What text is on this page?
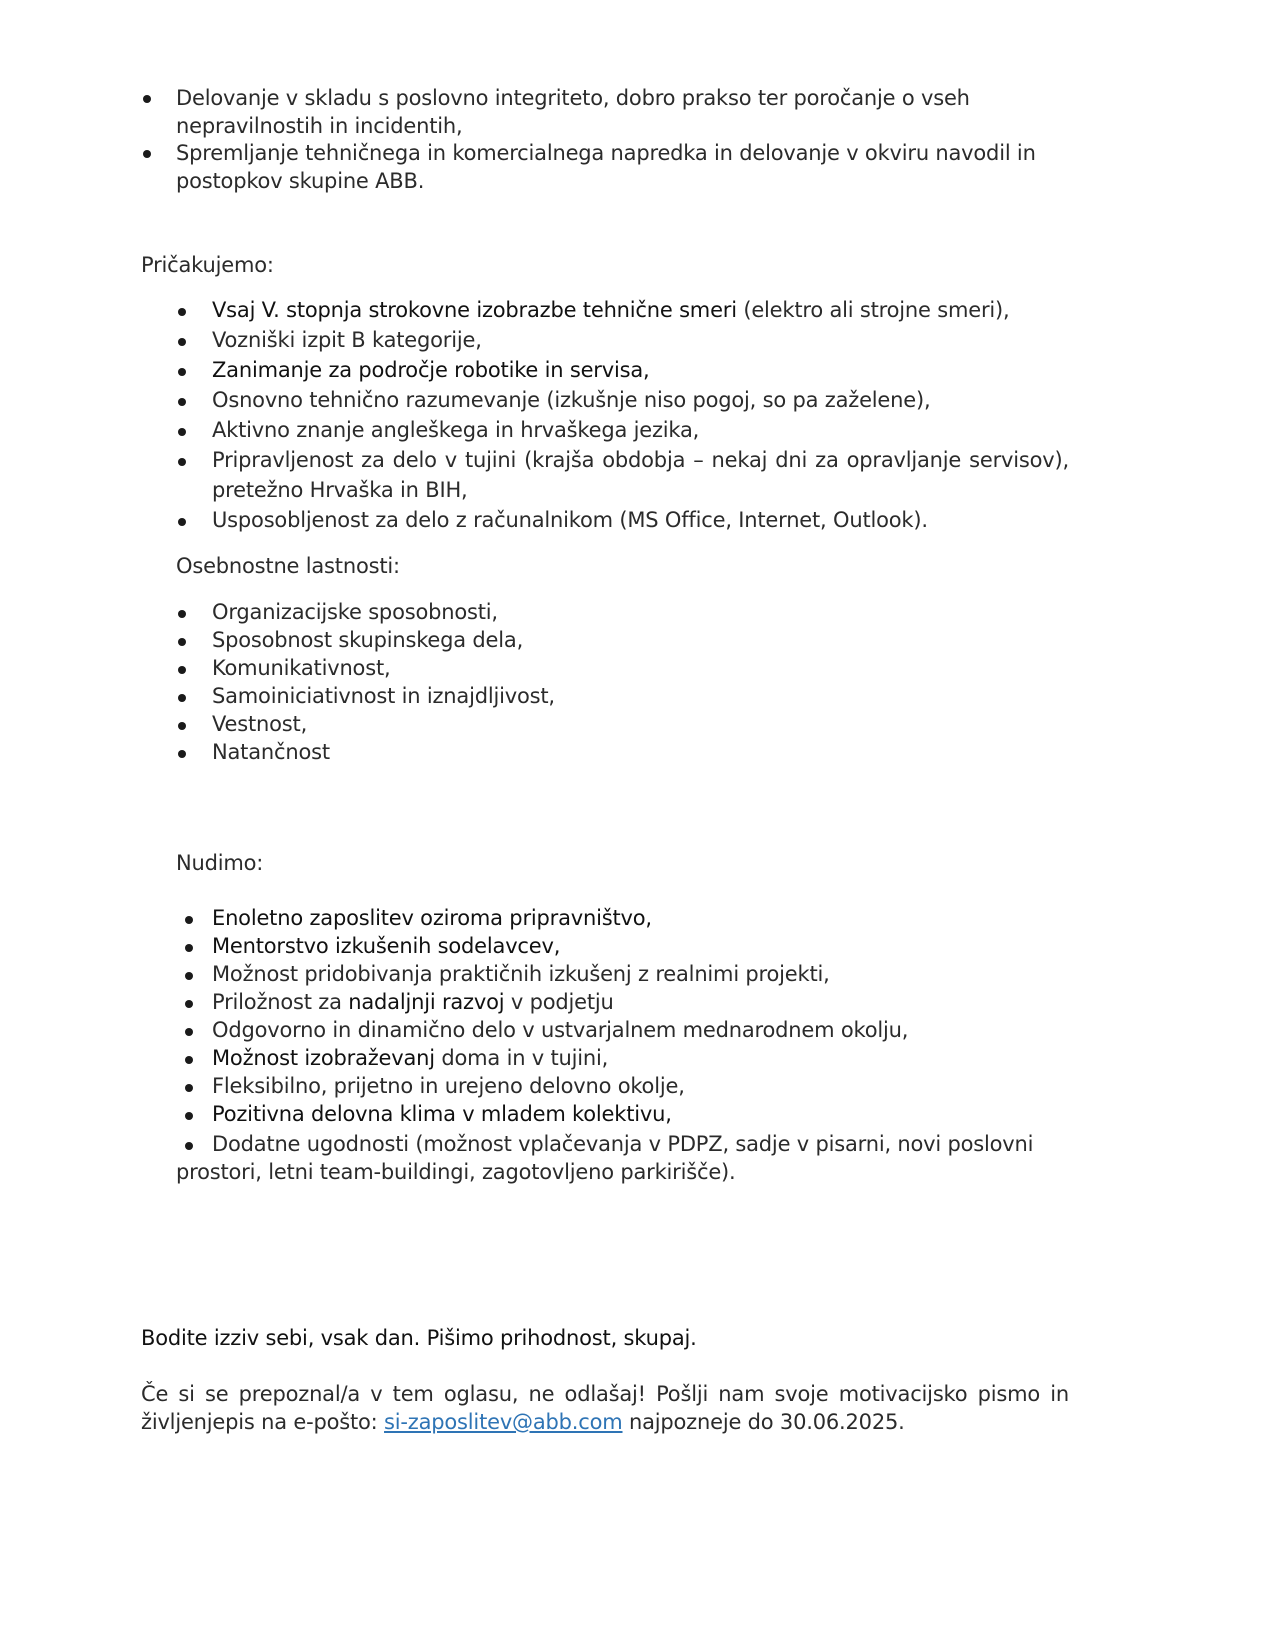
Delovanje v skladu s poslovno integriteto, dobro prakso ter poročanje o vseh
nepravilnostih in incidentih,
Spremljanje tehničnega in komercialnega napredka in delovanje v okviru navodil in
postopkov skupine ABB.
Pričakujemo:
Vsaj V. stopnja strokovne izobrazbe tehnične smeri (elektro ali strojne smeri),
Vozniški izpit B kategorije,
Zanimanje za področje robotike in servisa,
Osnovno tehnično razumevanje (izkušnje niso pogoj, so pa zaželene),
Aktivno znanje angleškega in hrvaškega jezika,
Pripravljenost za delo v tujini (krajša obdobja – nekaj dni za opravljanje servisov),
pretežno Hrvaška in BIH,
Usposobljenost za delo z računalnikom (MS Office, Internet, Outlook).
Osebnostne lastnosti:
Organizacijske sposobnosti,
Sposobnost skupinskega dela,
Komunikativnost,
Samoiniciativnost in iznajdljivost,
Vestnost,
Natančnost
Nudimo:
Enoletno zaposlitev oziroma pripravništvo,
Mentorstvo izkušenih sodelavcev,
Možnost pridobivanja praktičnih izkušenj z realnimi projekti,
Priložnost za nadaljnji razvoj v podjetju
Odgovorno in dinamično delo v ustvarjalnem mednarodnem okolju,
Možnost izobraževanj doma in v tujini,
Fleksibilno, prijetno in urejeno delovno okolje,
Pozitivna delovna klima v mladem kolektivu,
Dodatne ugodnosti (možnost vplačevanja v PDPZ, sadje v pisarni, novi poslovni
prostori, letni team-buildingi, zagotovljeno parkirišče).
Bodite izziv sebi, vsak dan. Pišimo prihodnost, skupaj.
Če si se prepoznal/a v tem oglasu, ne odlašaj! Pošlji nam svoje motivacijsko pismo in
življenjepis na e-pošto: si-zaposlitev@abb.com najpozneje do 30.06.2025.
